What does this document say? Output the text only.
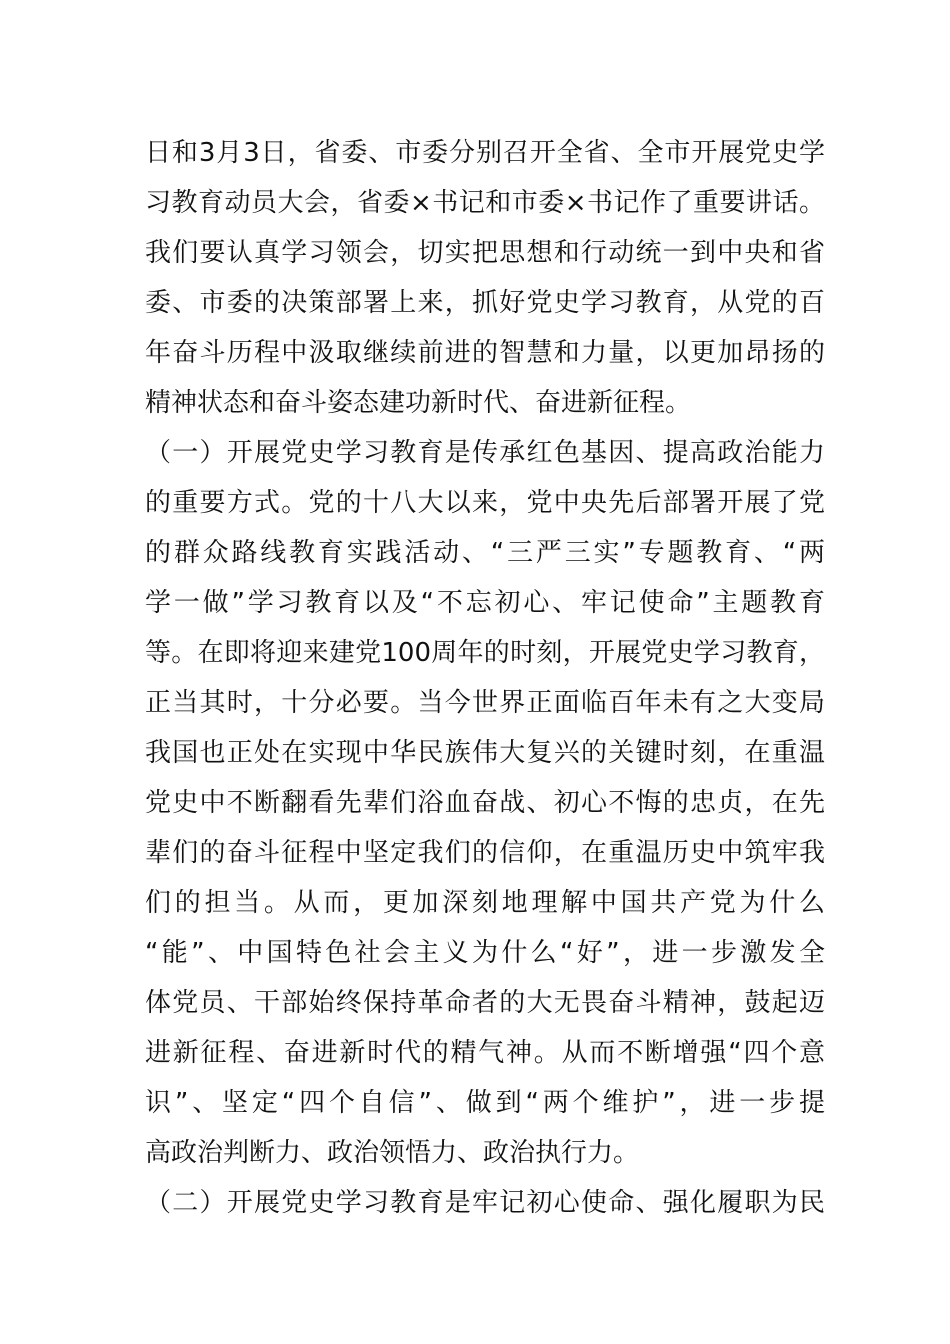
日和3月3日，省委、市委分别召开全省、全市开展党史学
习教育动员大会，省委×书记和市委×书记作了重要讲话。
我们要认真学习领会，切实把思想和行动统一到中央和省
委、市委的决策部署上来，抓好党史学习教育，从党的百
年奋斗历程中汲取继续前进的智慧和力量，以更加昂扬的
精神状态和奋斗姿态建功新时代、奋进新征程。
（一）开展党史学习教育是传承红色基因、提高政治能力
的重要方式。党的十八大以来，党中央先后部署开展了党
的群众路线教育实践活动、“三严三实”专题教育、“两
学一做”学习教育以及“不忘初心、牢记使命”主题教育
等。在即将迎来建党100周年的时刻，开展党史学习教育，
正当其时，十分必要。当今世界正面临百年未有之大变局
我国也正处在实现中华民族伟大复兴的关键时刻，在重温
党史中不断翻看先辈们浴血奋战、初心不悔的忠贞，在先
辈们的奋斗征程中坚定我们的信仰，在重温历史中筑牢我
们的担当。从而，更加深刻地理解中国共产党为什么
“能”、中国特色社会主义为什么“好”，进一步激发全
体党员、干部始终保持革命者的大无畏奋斗精神，鼓起迈
进新征程、奋进新时代的精气神。从而不断增强“四个意
识”、坚定“四个自信”、做到“两个维护”，进一步提
高政治判断力、政治领悟力、政治执行力。
（二）开展党史学习教育是牢记初心使命、强化履职为民
